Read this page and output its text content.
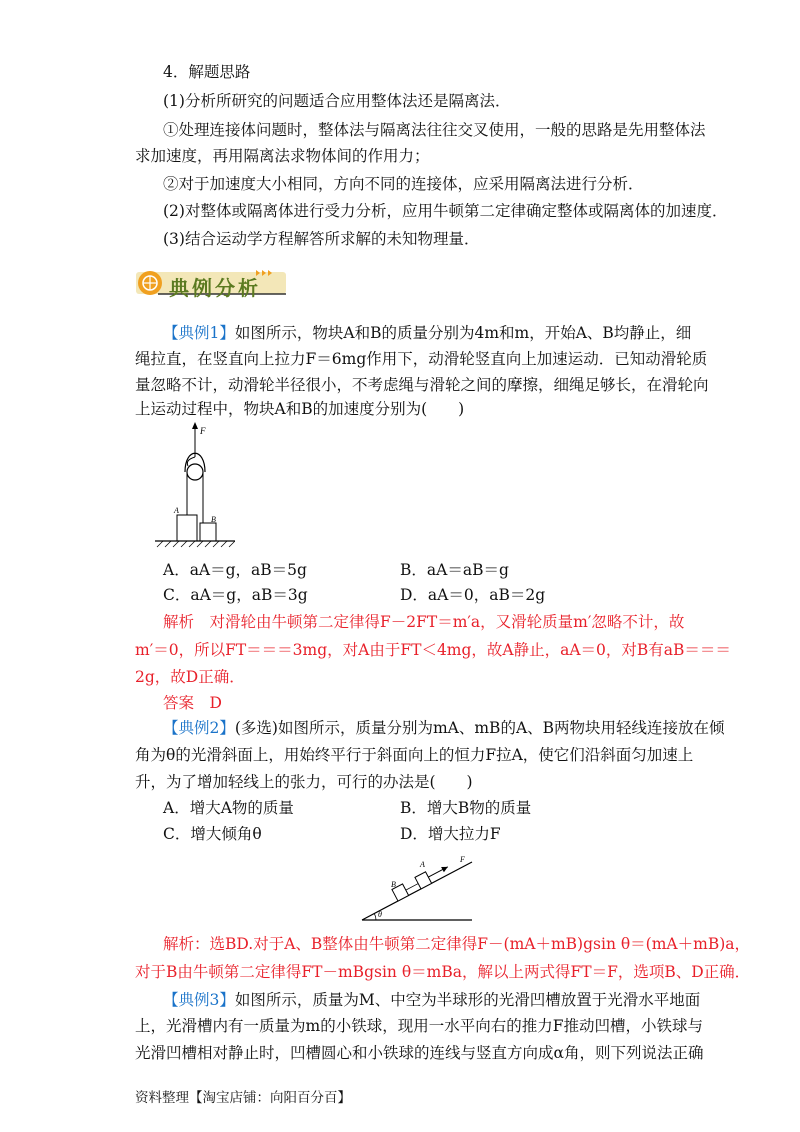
4．解题思路
(1)分析所研究的问题适合应用整体法还是隔离法．
①处理连接体问题时，整体法与隔离法往往交叉使用，一般的思路是先用整体法
求加速度，再用隔离法求物体间的作用力；
②对于加速度大小相同，方向不同的连接体，应采用隔离法进行分析．
(2)对整体或隔离体进行受力分析，应用牛顿第二定律确定整体或隔离体的加速度．
(3)结合运动学方程解答所求解的未知物理量．
典例分析
【典例1】如图所示，物块A和B的质量分别为4m和m，开始A、B均静止，细
绳拉直，在竖直向上拉力F＝6mg作用下，动滑轮竖直向上加速运动．已知动滑轮质
量忽略不计，动滑轮半径很小，不考虑绳与滑轮之间的摩擦，细绳足够长，在滑轮向
上运动过程中，物块A和B的加速度分别为(　　)
F
A
B
A．aA＝g，aB＝5g	B．aA＝aB＝g
C．aA＝g，aB＝3g	D．aA＝0，aB＝2g
解析　对滑轮由牛顿第二定律得F－2FT＝m′a，又滑轮质量m′忽略不计，故
m′＝0，所以FT＝＝＝3mg，对A由于FT＜4mg，故A静止，aA＝0，对B有aB＝＝＝
2g，故D正确．
答案　D
【典例2】(多选)如图所示，质量分别为mA、mB的A、B两物块用轻线连接放在倾
角为θ的光滑斜面上，用始终平行于斜面向上的恒力F拉A，使它们沿斜面匀加速上
升，为了增加轻线上的张力，可行的办法是(　　)
A．增大A物的质量	B．增大B物的质量
C．增大倾角θ	D．增大拉力F
θ
B
A
F
解析：选BD.对于A、B整体由牛顿第二定律得F－(mA＋mB)gsin θ＝(mA＋mB)a，
对于B由牛顿第二定律得FT－mBgsin θ＝mBa，解以上两式得FT＝F，选项B、D正确．
【典例3】如图所示，质量为M、中空为半球形的光滑凹槽放置于光滑水平地面
上，光滑槽内有一质量为m的小铁球，现用一水平向右的推力F推动凹槽，小铁球与
光滑凹槽相对静止时，凹槽圆心和小铁球的连线与竖直方向成α角，则下列说法正确
资料整理【淘宝店铺：向阳百分百】
